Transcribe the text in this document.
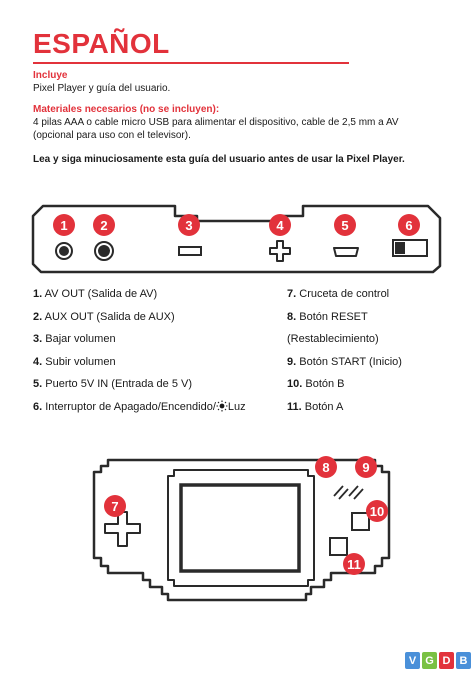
ESPAÑOL
Incluye
Pixel Player y guía del usuario.
Materiales necesarios (no se incluyen):
4 pilas AAA o cable micro USB para alimentar el dispositivo, cable de 2,5 mm a AV
(opcional para uso con el televisor).
Lea y siga minuciosamente esta guía del usuario antes de usar la Pixel Player.
1	2	3	4	5	6
1. AV OUT (Salida de AV)
2. AUX OUT (Salida de AUX)
3. Bajar volumen
4. Subir volumen
5. Puerto 5V IN (Entrada de 5 V)
6. Interruptor de Apagado/Encendido/ Luz
7. Cruceta de control
8. Botón RESET
(Restablecimiento)
9. Botón START (Inicio)
10. Botón B
11. Botón A
7
8	9
10
11
V G D B
